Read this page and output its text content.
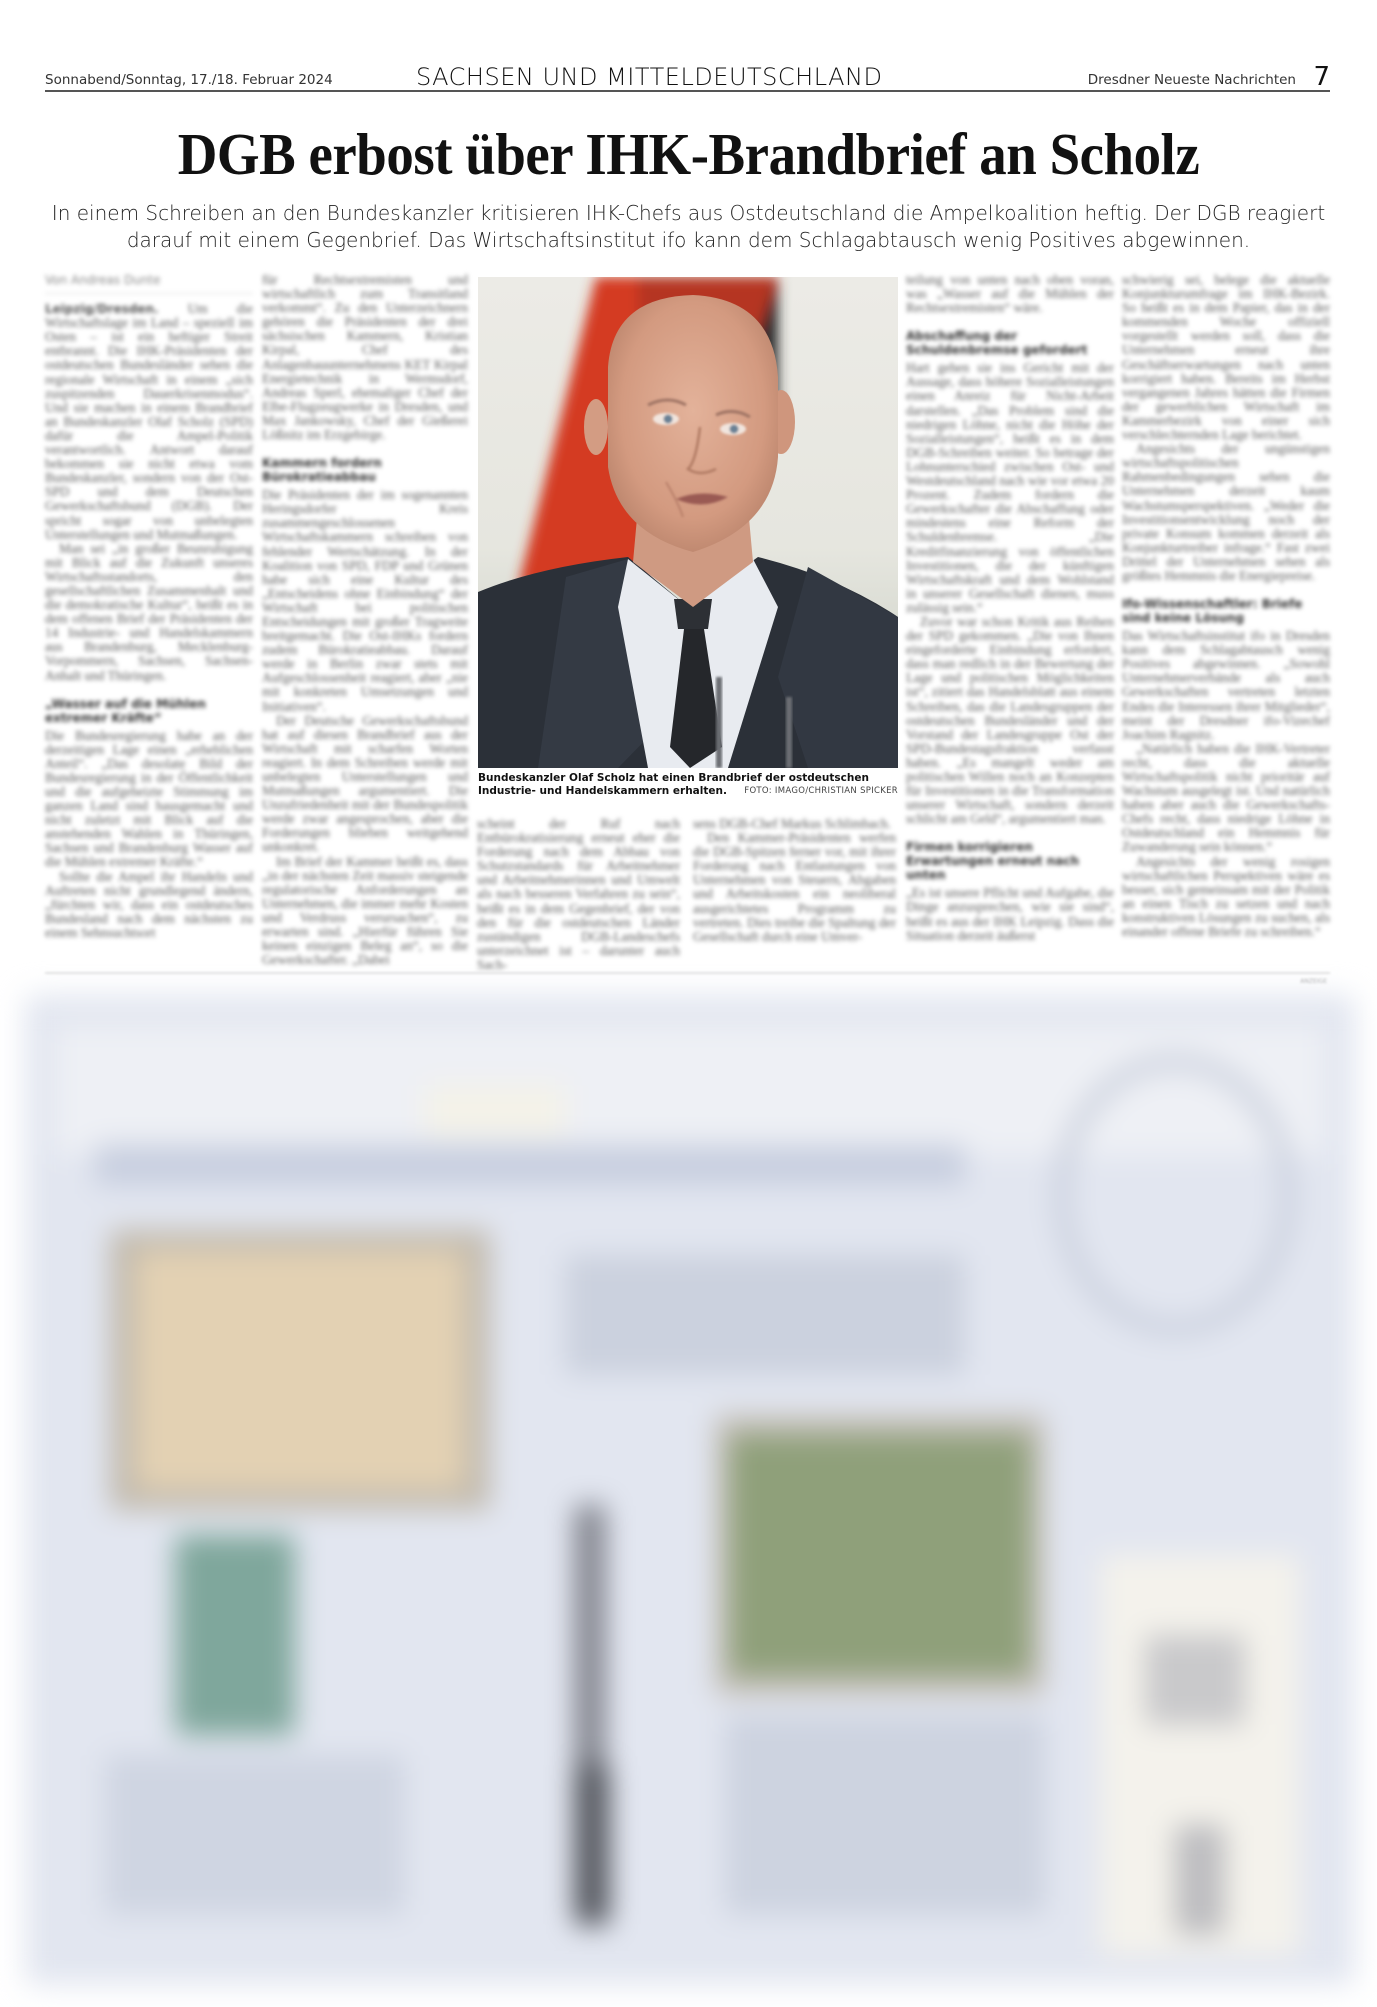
Sonnabend/Sonntag, 17./18. Februar 2024	SACHSEN UND MITTELDEUTSCHLAND	Dresdner Neueste Nachrichten 7
DGB erbost über IHK-Brandbrief an Scholz

In einem Schreiben an den Bundeskanzler kritisieren IHK-Chefs aus Ostdeutschland die Ampelkoalition heftig. Der DGB reagiert darauf mit einem Gegenbrief. Das Wirtschaftsinstitut ifo kann dem Schlagabtausch wenig Positives abgewinnen.

Von Andreas Dunte

Leipzig/Dresden. Um die Wirtschaftslage im Land – speziell im Osten – ist ein heftiger Streit entbrannt. Die IHK-Präsidenten der ostdeutschen Bundesländer sehen die regionale Wirtschaft in einem „sich zuspitzenden Dauerkrisenmodus“. Und sie machen in einem Brandbrief an Bundeskanzler Olaf Scholz (SPD) dafür die Ampel-Politik verantwortlich. Antwort darauf bekommen sie nicht etwa vom Bundeskanzler, sondern von der Ost-SPD und dem Deutschen Gewerkschaftsbund (DGB). Der spricht sogar von unbelegten Unterstellungen und Mutmaßungen.

Man sei „in großer Beunruhigung mit Blick auf die Zukunft unseres Wirtschaftsstandorts, den gesellschaftlichen Zusammenhalt und die demokratische Kultur“, heißt es in dem offenen Brief der Präsidenten der 14 Industrie- und Handelskammern aus Brandenburg, Mecklenburg-Vorpommern, Sachsen, Sachsen-Anhalt und Thüringen.

„Wasser auf die Mühlen extremer Kräfte“

Die Bundesregierung habe an der derzeitigen Lage einen „erheblichen Anteil“. „Das desolate Bild der Bundesregierung in der Öffentlichkeit und die aufgeheizte Stimmung im ganzen Land sind hausgemacht und nicht zuletzt mit Blick auf die anstehenden Wahlen in Thüringen, Sachsen und Brandenburg Wasser auf die Mühlen extremer Kräfte.“

Sollte die Ampel ihr Handeln und Auftreten nicht grundlegend ändern, „fürchten wir, dass ein ostdeutsches Bundesland nach dem nächsten zu einem Sehnsuchtsort

für Rechtsextremisten und wirtschaftlich zum Transitland verkommt“. Zu den Unterzeichnern gehören die Präsidenten der drei sächsischen Kammern, Kristian Kirpal, Chef des Anlagenbauunternehmens KET Kirpal Energietechnik in Wermsdorf, Andreas Sperl, ehemaliger Chef der Elbe-Flugzeugwerke in Dresden, und Max Jankowsky, Chef der Gießerei Lößnitz im Erzgebirge.

Kammern fordern Bürokratieabbau

Die Präsidenten der im sogenannten Heringsdorfer Kreis zusammengeschlossenen Wirtschaftskammern schreiben von fehlender Wertschätzung. In der Koalition von SPD, FDP und Grünen habe sich eine Kultur des „Entscheidens ohne Einbindung“ der Wirtschaft bei politischen Entscheidungen mit großer Tragweite breitgemacht. Die Ost-IHKs fordern zudem Bürokratieabbau. Darauf werde in Berlin zwar stets mit Aufgeschlossenheit reagiert, aber „nie mit konkreten Umsetzungen und Initiativen“.

Der Deutsche Gewerkschaftsbund hat auf diesen Brandbrief aus der Wirtschaft mit scharfen Worten reagiert. In dem Schreiben werde mit unbelegten Unterstellungen und Mutmaßungen argumentiert. Die Unzufriedenheit mit der Bundespolitik werde zwar angesprochen, aber die Forderungen blieben weitgehend unkonkret.

Im Brief der Kammer heißt es, dass „in der nächsten Zeit massiv steigende regulatorische Anforderungen an Unternehmen, die immer mehr Kosten und Verdruss verursachen“, zu erwarten sind. „Hierfür führen Sie keinen einzigen Beleg an“, so die Gewerkschafter. „Dabei

Bundeskanzler Olaf Scholz hat einen Brandbrief der ostdeutschen Industrie- und Handelskammern erhalten. FOTO: IMAGO/CHRISTIAN SPICKER

scheint der Ruf nach Entbürokratisierung erneut eher die Forderung nach dem Abbau von Schutzstandards für Arbeitnehmer und Arbeitnehmerinnen und Umwelt als nach besseren Verfahren zu sein“, heißt es in dem Gegenbrief, der von den für die ostdeutschen Länder zuständigen DGB-Landeschefs unterzeichnet ist – darunter auch Sach-

sens DGB-Chef Markus Schlimbach.

Den Kammer-Präsidenten werfen die DGB-Spitzen ferner vor, mit ihrer Forderung nach Entlastungen von Unternehmen von Steuern, Abgaben und Arbeitskosten ein neoliberal ausgerichtetes Programm zu vertreten. Dies treibe die Spaltung der Gesellschaft durch eine Umver-

teilung von unten nach oben voran, was „Wasser auf die Mühlen der Rechtsextremisten“ wäre.

Abschaffung der Schuldenbremse gefordert

Hart gehen sie ins Gericht mit der Aussage, dass höhere Sozialleistungen einen Anreiz für Nicht-Arbeit darstellen. „Das Problem sind die niedrigen Löhne, nicht die Höhe der Sozialleistungen“, heißt es in dem DGB-Schreiben weiter. So betrage der Lohnunterschied zwischen Ost- und Westdeutschland nach wie vor etwa 20 Prozent. Zudem fordern die Gewerkschafter die Abschaffung oder mindestens eine Reform der Schuldenbremse. „Die Kreditfinanzierung von öffentlichen Investitionen, die der künftigen Wirtschaftskraft und dem Wohlstand in unserer Gesellschaft dienen, muss zulässig sein.“

Zuvor war schon Kritik aus Reihen der SPD gekommen. „Die von Ihnen eingeforderte Einbindung erfordert, dass man redlich in der Bewertung der Lage und politischen Möglichkeiten ist“, zitiert das Handelsblatt aus einem Schreiben, das die Landesgruppen der ostdeutschen Bundesländer und der Vorstand der Landesgruppe Ost der SPD-Bundestagsfraktion verfasst haben. „Es mangelt weder am politischen Willen noch an Konzepten für Investitionen in die Transformation unserer Wirtschaft, sondern derzeit schlicht am Geld“, argumentiert man.

Firmen korrigieren Erwartungen erneut nach unten

„Es ist unsere Pflicht und Aufgabe, die Dinge anzusprechen, wie sie sind“, heißt es aus der IHK Leipzig. Dass die Situation derzeit äußerst

schwierig sei, belege die aktuelle Konjunkturumfrage im IHK-Bezirk. So heißt es in dem Papier, das in der kommenden Woche offiziell vorgestellt werden soll, dass die Unternehmen erneut ihre Geschäftserwartungen nach unten korrigiert haben. Bereits im Herbst vergangenen Jahres hätten die Firmen der gewerblichen Wirtschaft im Kammerbezirk von einer sich verschlechternden Lage berichtet.

Angesichts der ungünstigen wirtschaftspolitischen Rahmenbedingungen sehen die Unternehmen derzeit kaum Wachstumsperspektiven. „Weder die Investitionsentwicklung noch der private Konsum kommen derzeit als Konjunkturtreiber infrage.“ Fast zwei Drittel der Unternehmen sehen als größtes Hemmnis die Energiepreise.

Ifo-Wissenschaftler: Briefe sind keine Lösung

Das Wirtschaftsinstitut ifo in Dresden kann dem Schlagabtausch wenig Positives abgewinnen. „Sowohl Unternehmerverbände als auch Gewerkschaften vertreten letzten Endes die Interessen ihrer Mitglieder“, meint der Dresdner ifo-Vizechef Joachim Ragnitz.

„Natürlich haben die IHK-Vertreter recht, dass die aktuelle Wirtschaftspolitik nicht prioritär auf Wachstum ausgelegt ist. Und natürlich haben aber auch die Gewerkschafts-Chefs recht, dass niedrige Löhne in Ostdeutschland ein Hemmnis für Zuwanderung sein können.“

Angesichts der wenig rosigen wirtschaftlichen Perspektiven wäre es besser, sich gemeinsam mit der Politik an einen Tisch zu setzen und nach konstruktiven Lösungen zu suchen, als einander offene Briefe zu schreiben.“

ANZEIGE
